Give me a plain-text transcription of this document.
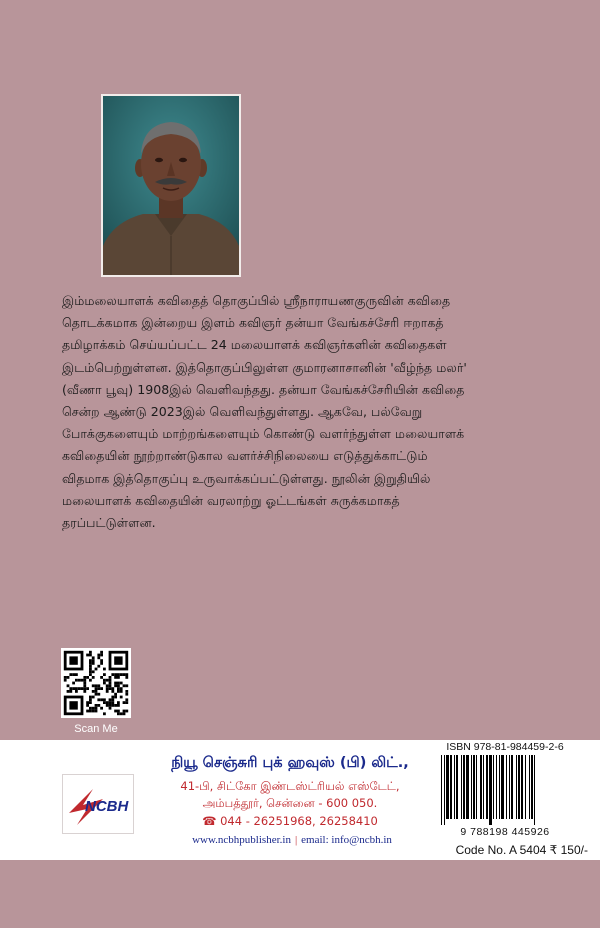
இம்மலையாளக் கவிதைத் தொகுப்பில் ஸ்ரீநாராயணகுருவின் கவிதை
தொடக்கமாக இன்றைய இளம் கவிஞர் தன்யா வேங்கச்சேரி ஈறாகத்
தமிழாக்கம் செய்யப்பட்ட 24 மலையாளக் கவிஞர்களின் கவிதைகள்
இடம்பெற்றுள்ளன. இத்தொகுப்பிலுள்ள குமாரனாசானின் 'வீழ்ந்த மலர்'
(வீணா பூவு) 1908இல் வெளிவந்தது. தன்யா வேங்கச்சேரியின் கவிதை
சென்ற ஆண்டு 2023இல் வெளிவந்துள்ளது. ஆகவே, பல்வேறு
போக்குகளையும் மாற்றங்களையும் கொண்டு வளர்ந்துள்ள மலையாளக்
கவிதையின் நூற்றாண்டுகால வளர்ச்சிநிலையை எடுத்துக்காட்டும்
விதமாக இத்தொகுப்பு உருவாக்கப்பட்டுள்ளது. நூலின் இறுதியில்
மலையாளக் கவிதையின் வரலாற்று ஓட்டங்கள் சுருக்கமாகத்
தரப்பட்டுள்ளன.
Scan Me
NCBH
நியூ செஞ்சுரி புக் ஹவுஸ் (பி) லிட்.,
41-பி, சிட்கோ இண்டஸ்ட்ரியல் எஸ்டேட்,
அம்பத்தூர், சென்னை - 600 050.
☎ 044 - 26251968, 26258410
www.ncbhpublisher.in | email: info@ncbh.in
ISBN 978-81-984459-2-6
9 788198 445926
Code No. A 5404 ₹ 150/-
